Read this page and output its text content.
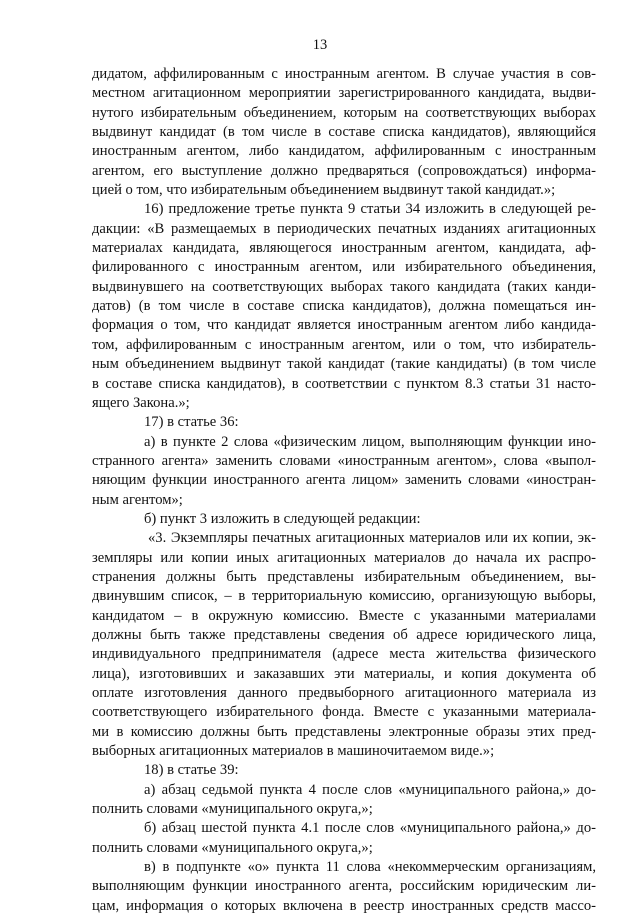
13
дидатом, аффилированным с иностранным агентом. В случае участия в сов-
местном агитационном мероприятии зарегистрированного кандидата, выдви-
нутого избирательным объединением, которым на соответствующих выборах
выдвинут кандидат (в том числе в составе списка кандидатов), являющийся
иностранным агентом, либо кандидатом, аффилированным с иностранным
агентом, его выступление должно предваряться (сопровождаться) информа-
цией о том, что избирательным объединением выдвинут такой кандидат.»;
16) предложение третье пункта 9 статьи 34 изложить в следующей ре-
дакции: «В размещаемых в периодических печатных изданиях агитационных
материалах кандидата, являющегося иностранным агентом, кандидата, аф-
филированного с иностранным агентом, или избирательного объединения,
выдвинувшего на соответствующих выборах такого кандидата (таких канди-
датов) (в том числе в составе списка кандидатов), должна помещаться ин-
формация о том, что кандидат является иностранным агентом либо кандида-
том, аффилированным с иностранным агентом, или о том, что избиратель-
ным объединением выдвинут такой кандидат (такие кандидаты) (в том числе
в составе списка кандидатов), в соответствии с пунктом 8.3 статьи 31 насто-
ящего Закона.»;
17) в статье 36:
а) в пункте 2 слова «физическим лицом, выполняющим функции ино-
странного агента» заменить словами «иностранным агентом», слова «выпол-
няющим функции иностранного агента лицом» заменить словами «иностран-
ным агентом»;
б) пункт 3 изложить в следующей редакции:
«3. Экземпляры печатных агитационных материалов или их копии, эк-
земпляры или копии иных агитационных материалов до начала их распро-
странения должны быть представлены избирательным объединением, вы-
двинувшим список, – в территориальную комиссию, организующую выборы,
кандидатом – в окружную комиссию. Вместе с указанными материалами
должны быть также представлены сведения об адресе юридического лица,
индивидуального предпринимателя (адресе места жительства физического
лица), изготовивших и заказавших эти материалы, и копия документа об
оплате изготовления данного предвыборного агитационного материала из
соответствующего избирательного фонда. Вместе с указанными материала-
ми в комиссию должны быть представлены электронные образы этих пред-
выборных агитационных материалов в машиночитаемом виде.»;
18) в статье 39:
а) абзац седьмой пункта 4 после слов «муниципального района,» до-
полнить словами «муниципального округа,»;
б) абзац шестой пункта 4.1 после слов «муниципального района,» до-
полнить словами «муниципального округа,»;
в) в подпункте «о» пункта 11 слова «некоммерческим организациям,
выполняющим функции иностранного агента, российским юридическим ли-
цам, информация о которых включена в реестр иностранных средств массо-
